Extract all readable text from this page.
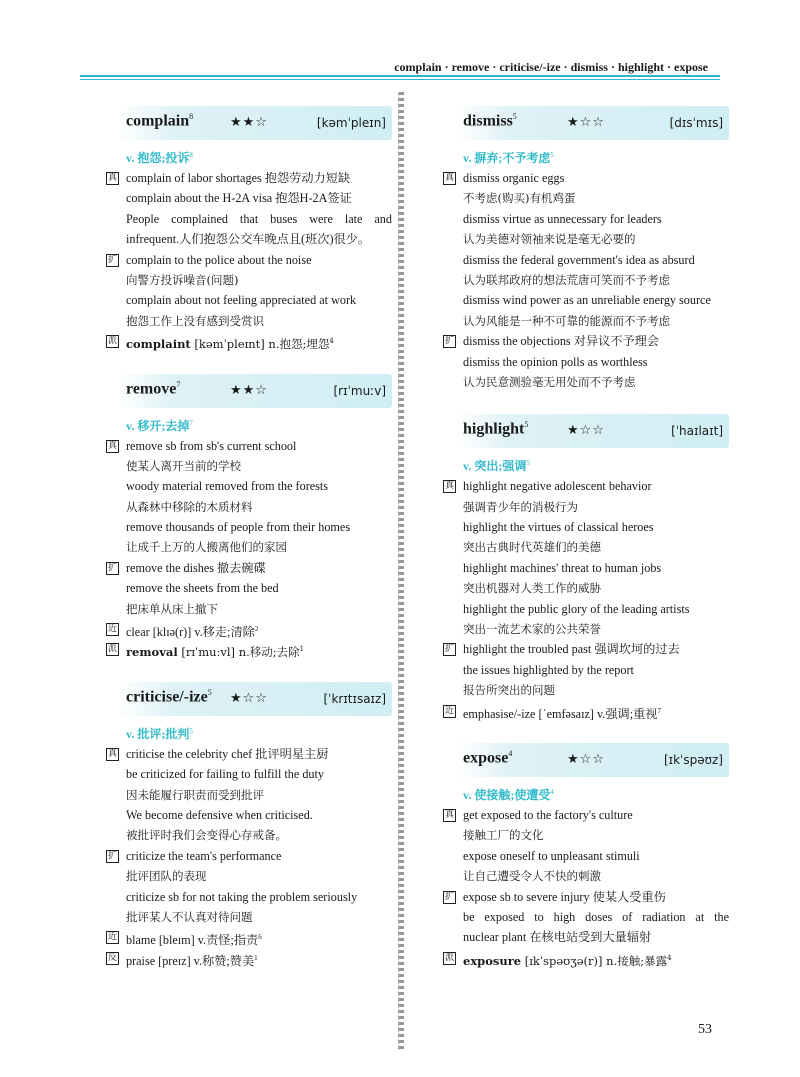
complain · remove · criticise/-ize · dismiss · highlight · expose
complain$^8$	★★☆	[kəmˈpleɪn]
v. 抱怨;投诉$^8$
真 complain of labor shortages 抱怨劳动力短缺
complain about the H-2A visa 抱怨H-2A签证
People complained that buses were late and
infrequent.人们抱怨公交车晚点且(班次)很少。
扩 complain to the police about the noise
向警方投诉噪音(问题)
complain about not feeling appreciated at work
抱怨工作上没有感到受赏识
派 complaint [kəmˈpleɪnt] n.抱怨;埋怨$^4$
remove$^7$	★★☆	[rɪˈmuːv]
v. 移开;去掉$^7$
真 remove sb from sb's current school
使某人离开当前的学校
woody material removed from the forests
从森林中移除的木质材料
remove thousands of people from their homes
让成千上万的人搬离他们的家园
扩 remove the dishes 撤去碗碟
remove the sheets from the bed
把床单从床上撤下
近 clear [klɪə(r)] v.移走;清除$^2$
派 removal [rɪˈmuːvl] n.移动;去除$^1$
criticise/-ize$^5$ ★☆☆	[ˈkrɪtɪsaɪz]
v. 批评;批判$^5$
真 criticise the celebrity chef 批评明星主厨
be criticized for failing to fulfill the duty
因未能履行职责而受到批评
We become defensive when criticised.
被批评时我们会变得心存戒备。
扩 criticize the team's performance
批评团队的表现
criticize sb for not taking the problem seriously
批评某人不认真对待问题
近 blame [bleɪm] v.责怪;指责$^6$
反 praise [preɪz] v.称赞;赞美$^1$
dismiss$^5$	★☆☆	[dɪsˈmɪs]
v. 摒弃;不予考虑$^5$
真 dismiss organic eggs
不考虑(购买)有机鸡蛋
dismiss virtue as unnecessary for leaders
认为美德对领袖来说是毫无必要的
dismiss the federal government's idea as absurd
认为联邦政府的想法荒唐可笑而不予考虑
dismiss wind power as an unreliable energy source
认为风能是一种不可靠的能源而不予考虑
扩 dismiss the objections 对异议不予理会
dismiss the opinion polls as worthless
认为民意测验毫无用处而不予考虑
highlight$^5$	★☆☆	[ˈhaɪlaɪt]
v. 突出;强调$^5$
真 highlight negative adolescent behavior
强调青少年的消极行为
highlight the virtues of classical heroes
突出古典时代英雄们的美德
highlight machines' threat to human jobs
突出机器对人类工作的威胁
highlight the public glory of the leading artists
突出一流艺术家的公共荣誉
扩 highlight the troubled past 强调坎坷的过去
the issues highlighted by the report
报告所突出的问题
近 emphasise/-ize [ˈemfəsaɪz] v.强调;重视$^7$
expose$^4$	★☆☆	[ɪkˈspəʊz]
v. 使接触;使遭受$^4$
真 get exposed to the factory's culture
接触工厂的文化
expose oneself to unpleasant stimuli
让自己遭受令人不快的刺激
扩 expose sb to severe injury 使某人受重伤
be exposed to high doses of radiation at the
nuclear plant 在核电站受到大量辐射
派 exposure [ɪkˈspəʊʒə(r)] n.接触;暴露$^4$
53
